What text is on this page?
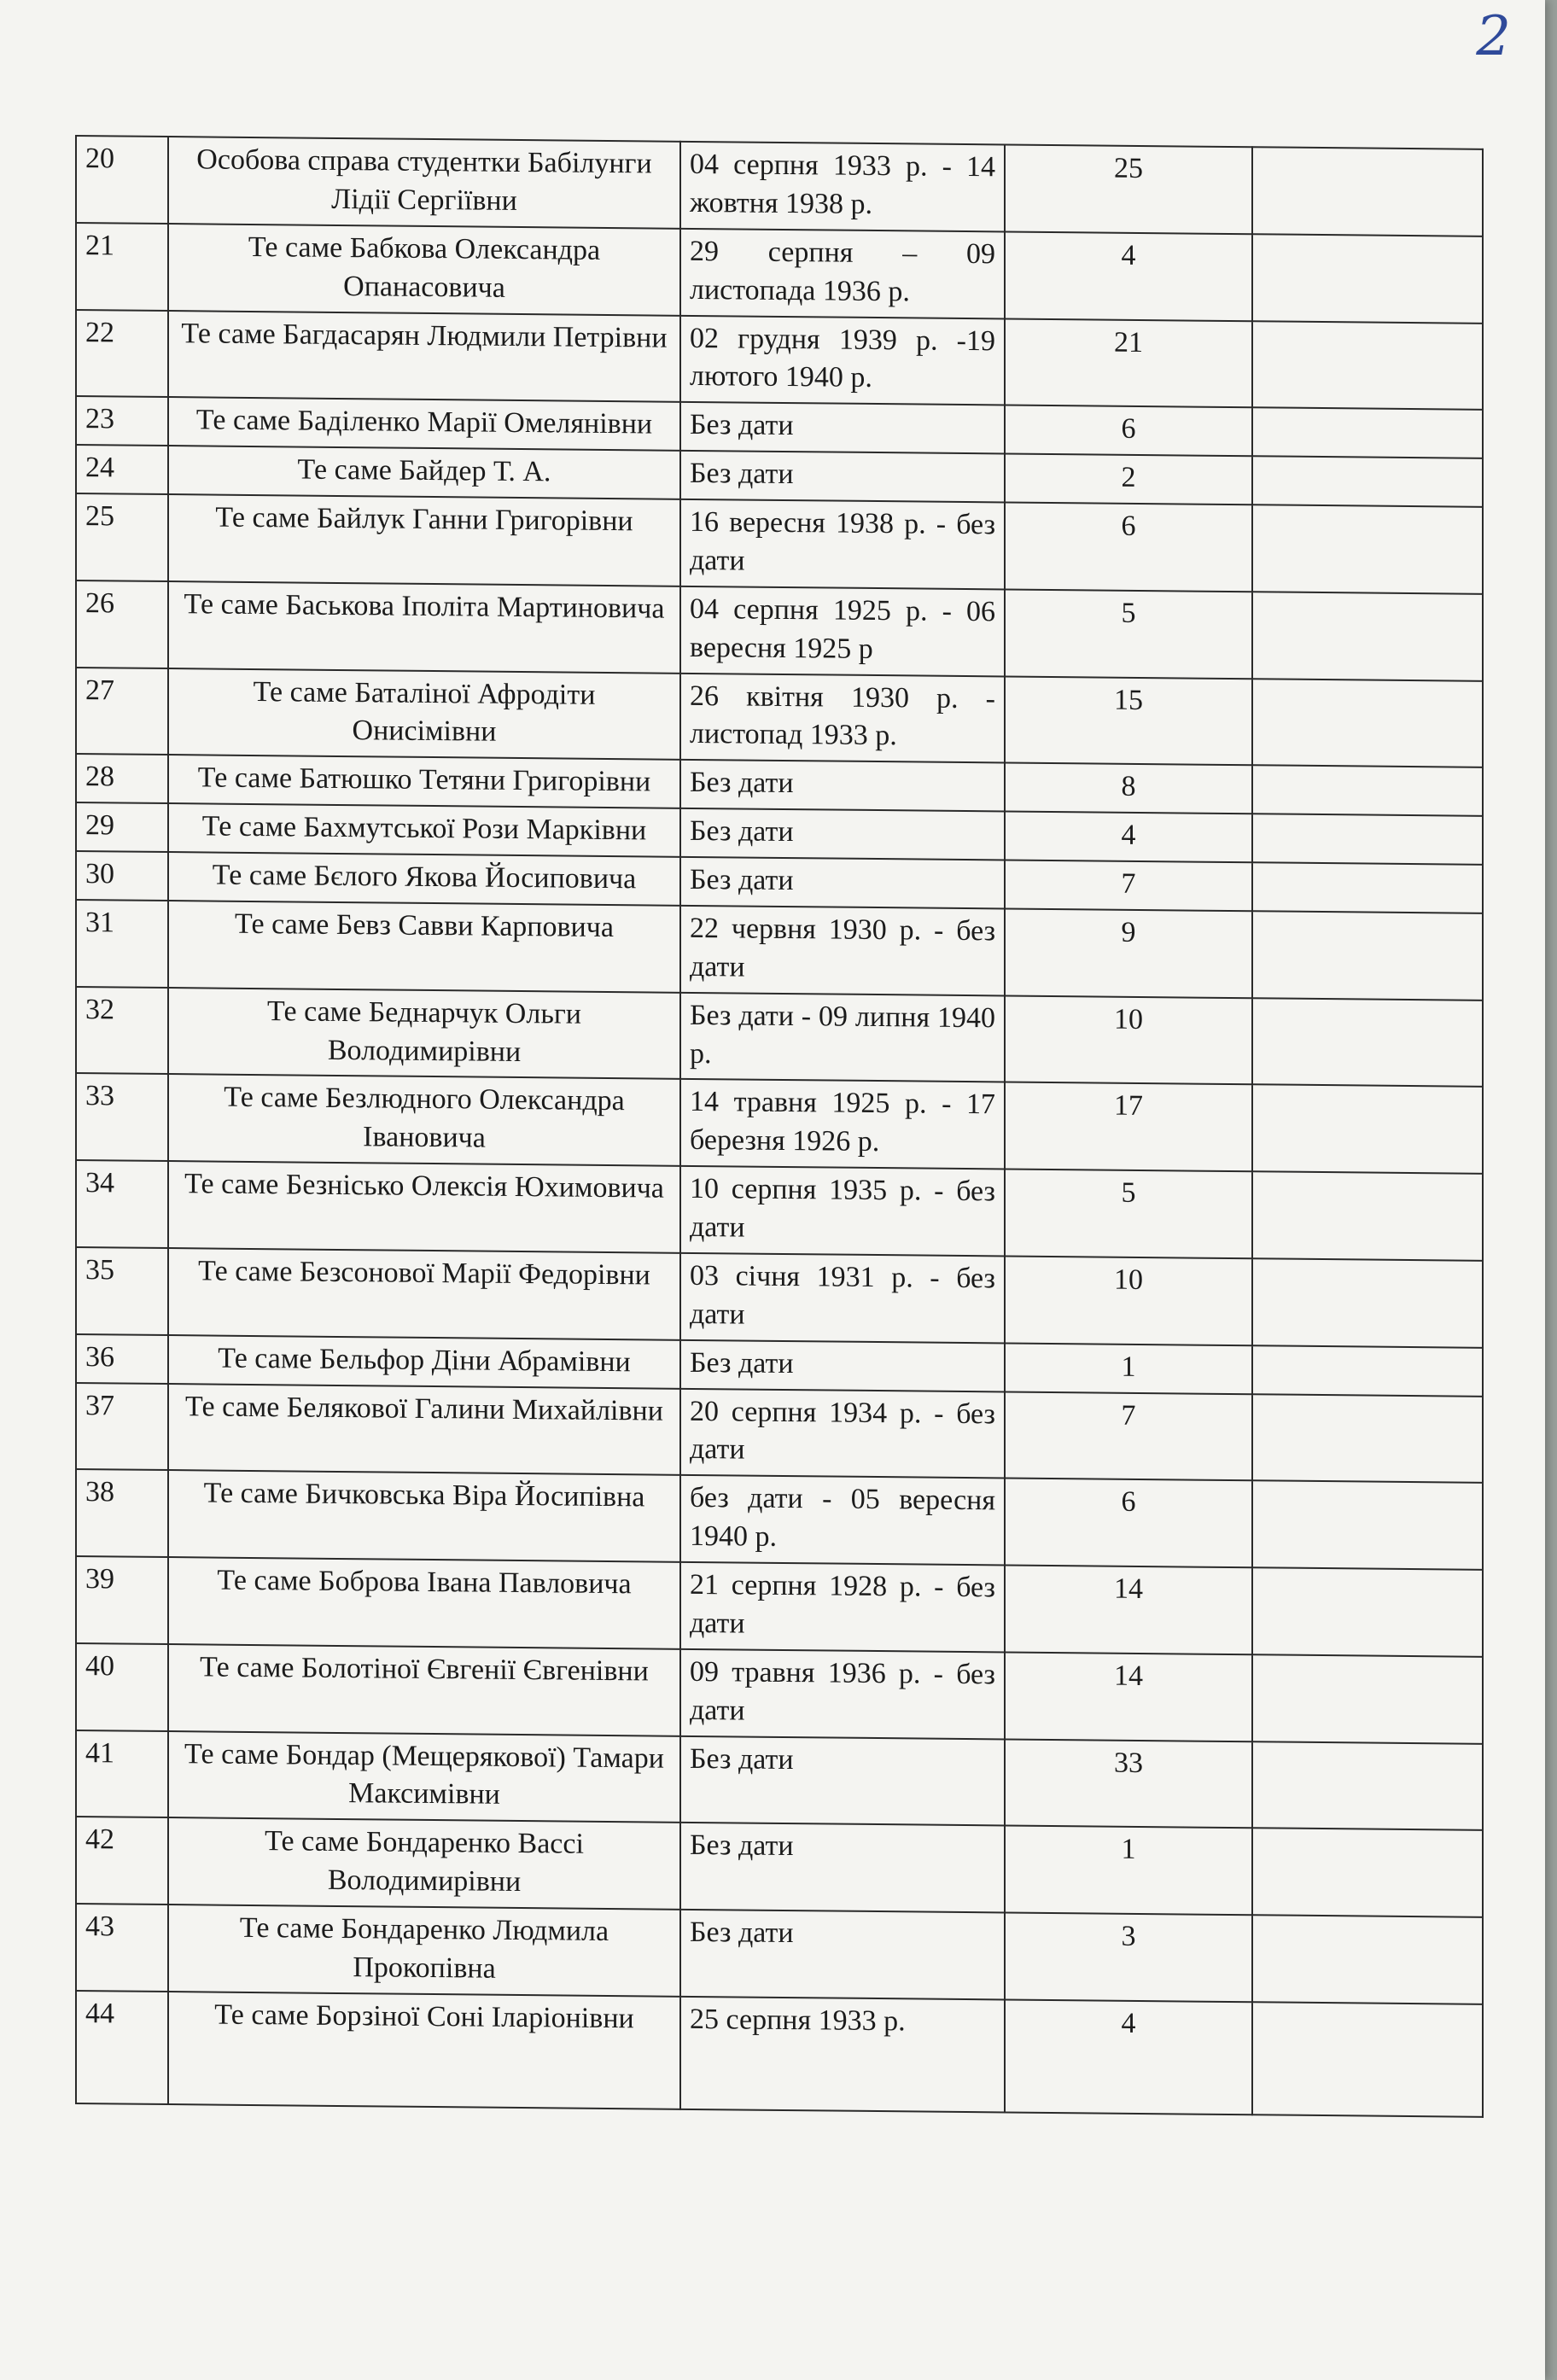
2
20	Особова справа студентки Бабілунги Лідії Сергіївни	04 серпня 1933 р. - 14 жовтня 1938 р.	25	
21	Те саме Бабкова Олександра Опанасовича	29 серпня – 09 листопада 1936 р.	4	
22	Те саме Багдасарян Людмили Петрівни	02 грудня 1939 р. -19 лютого 1940 р.	21	
23	Те саме Баділенко Марії Омелянівни	Без дати	6	
24	Те саме Байдер Т. А.	Без дати	2	
25	Те саме Байлук Ганни Григорівни	16 вересня 1938 р. - без дати	6	
26	Те саме Баськова Іполіта Мартиновича	04 серпня 1925 р. - 06 вересня 1925 р	5	
27	Те саме Баталіної Афродіти Онисімівни	26 квітня 1930 р. - листопад 1933 р.	15	
28	Те саме Батюшко Тетяни Григорівни	Без дати	8	
29	Те саме Бахмутської Рози Марківни	Без дати	4	
30	Те саме Бєлого Якова Йосиповича	Без дати	7	
31	Те саме Бевз Савви Карповича	22 червня 1930 р. - без дати	9	
32	Те саме Беднарчук Ольги Володимирівни	Без дати - 09 липня 1940 р.	10	
33	Те саме Безлюдного Олександра Івановича	14 травня 1925 р. - 17 березня 1926 р.	17	
34	Те саме Безнісько Олексія Юхимовича	10 серпня 1935 р. - без дати	5	
35	Те саме Безсонової Марії Федорівни	03 січня 1931 р. - без дати	10	
36	Те саме Бельфор Діни Абрамівни	Без дати	1	
37	Те саме Белякової Галини Михайлівни	20 серпня 1934 р. - без дати	7	
38	Те саме Бичковська Віра Йосипівна	без дати - 05 вересня 1940 р.	6	
39	Те саме Боброва Івана Павловича	21 серпня 1928 р. - без дати	14	
40	Те саме Болотіної Євгенії Євгенівни	09 травня 1936 р. - без дати	14	
41	Те саме Бондар (Мещерякової) Тамари Максимівни	Без дати	33	
42	Те саме Бондаренко Вассі Володимирівни	Без дати	1	
43	Те саме Бондаренко Людмила Прокопівна	Без дати	3	
44	Те саме Борзіної Соні Іларіонівни	25 серпня 1933 р.	4	
